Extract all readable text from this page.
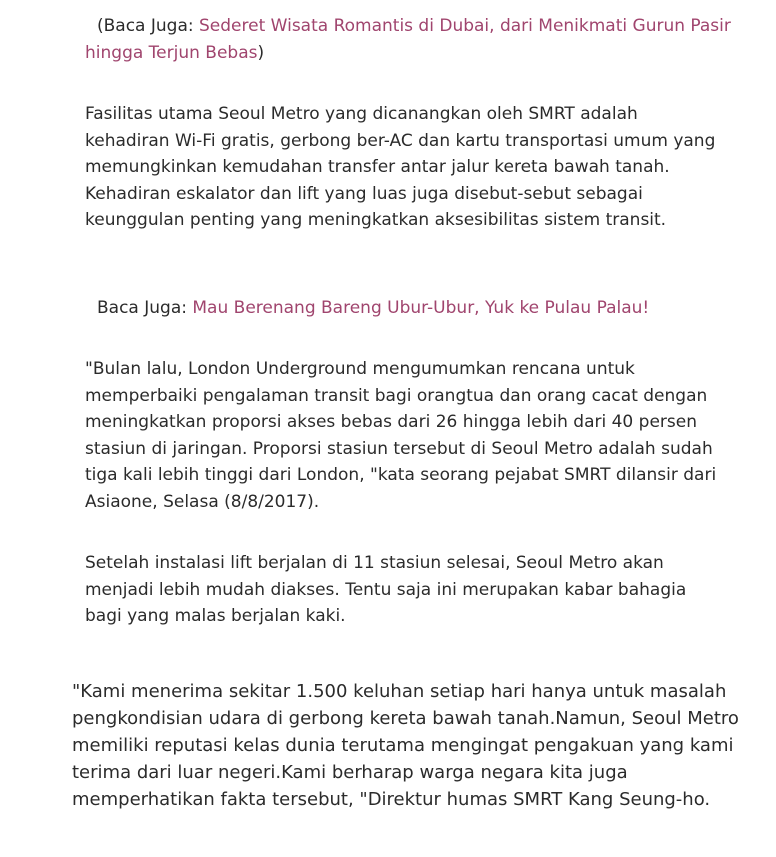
(Baca Juga: Sederet Wisata Romantis di Dubai, dari Menikmati Gurun Pasir hingga Terjun Bebas)

Fasilitas utama Seoul Metro yang dicanangkan oleh SMRT adalah kehadiran Wi-Fi gratis, gerbong ber-AC dan kartu transportasi umum yang memungkinkan kemudahan transfer antar jalur kereta bawah tanah. Kehadiran eskalator dan lift yang luas juga disebut-sebut sebagai keunggulan penting yang meningkatkan aksesibilitas sistem transit.

Baca Juga: Mau Berenang Bareng Ubur-Ubur, Yuk ke Pulau Palau!

"Bulan lalu, London Underground mengumumkan rencana untuk memperbaiki pengalaman transit bagi orangtua dan orang cacat dengan meningkatkan proporsi akses bebas dari 26 hingga lebih dari 40 persen stasiun di jaringan. Proporsi stasiun tersebut di Seoul Metro adalah sudah tiga kali lebih tinggi dari London, "kata seorang pejabat SMRT dilansir dari Asiaone, Selasa (8/8/2017).

Setelah instalasi lift berjalan di 11 stasiun selesai, Seoul Metro akan menjadi lebih mudah diakses. Tentu saja ini merupakan kabar bahagia bagi yang malas berjalan kaki.

"Kami menerima sekitar 1.500 keluhan setiap hari hanya untuk masalah pengkondisian udara di gerbong kereta bawah tanah.Namun, Seoul Metro memiliki reputasi kelas dunia terutama mengingat pengakuan yang kami terima dari luar negeri.Kami berharap warga negara kita juga memperhatikan fakta tersebut, "Direktur humas SMRT Kang Seung-ho.
